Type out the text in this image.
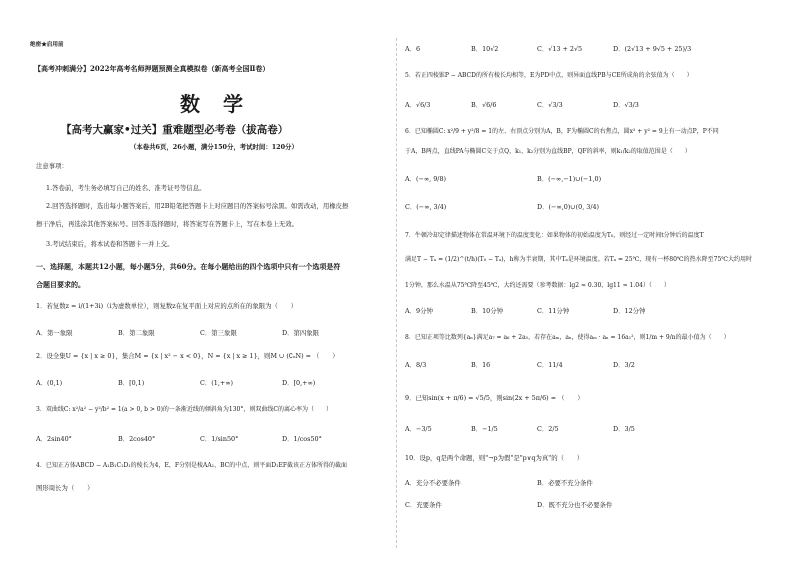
绝密★启用前
【高考冲刺满分】2022年高考名师押题预测全真模拟卷（新高考全国Ⅱ卷）
数 学
【高考大赢家•过关】重难题型必考卷（拔高卷）
（本卷共6页，26小题，满分150分，考试时间：120分）
注意事项：
1.答卷前，考生务必填写自己的姓名、准考证号等信息。
2.回答选择题时，选出每小题答案后，用2B铅笔把答题卡上对应题目的答案标号涂黑。如需改动，用橡皮擦
擦干净后，再选涂其他答案标号。回答非选择题时，将答案写在答题卡上，写在本卷上无效。
3.考试结束后，将本试卷和答题卡一并上交。
一、选择题，本题共12小题，每小题5分，共60分。在每小题给出的四个选项中只有一个选项是符
合题目要求的。
1．若复数z = i/(1+3i)（i为虚数单位），则复数z在复平面上对应的点所在的象限为（　　）
A．第一象限	B．第二象限	C．第三象限	D．第四象限
2．设全集U = {x | x ≥ 0}，集合M = {x | x² − x < 0}，N = {x | x ≥ 1}，则M ∪ (∁ᵤN) = （　　）
A．(0,1)	B．[0,1)	C．(1,+∞)	D．[0,+∞)
3．双曲线C: x²/a² − y²/b² = 1(a > 0, b > 0)的一条渐近线的倾斜角为130°，则双曲线C的离心率为（　　）
A．2sin40°	B．2cos40°	C．1/sin50°	D．1/cos50°
4．已知正方体ABCD − A₁B₁C₁D₁的棱长为4，E，F分别是棱AA₁，BC的中点，则平面D₁EF截该正方体所得的截面
图形周长为（　　）
A．6	B．10√2	C．√13 + 2√5	D．(2√13 + 9√5 + 25)/3
5．若正四棱锥P − ABCD的所有棱长均相等，E为PD中点，则异面直线PB与CE所成角的余弦值为（　　）
A．√6/3	B．√6/6	C．√3/3	D．√3/3
6．已知椭圆C: x²/9 + y²/8 = 1的左、右顶点分别为A，B，F为椭圆C的右焦点，圆x² + y² = 9上有一动点P，P不同
于A，B两点，直线PA与椭圆C交于点Q，k₁，k₂分别为直线BP，QF的斜率，则k₁/k₂的取值范围是（　　）
A．(−∞, 9/8)	B．(−∞,−1)∪(−1,0)
C．(−∞, 3/4)	D．(−∞,0)∪(0, 3/4)
7．牛顿冷却定律描述物体在常温环境下的温度变化：如果物体的初始温度为T₀，则经过一定时间t分钟后的温度T
满足T − Tₐ = (1/2)^(t/h)(T₀ − Tₐ)，h称为半衰期，其中Tₐ是环境温度。若Tₐ = 25℃，现有一杯80℃的热水降至75℃大约用时
1分钟，那么水温从75℃降至45℃，大约还需要（参考数据：lg2 ≈ 0.30，lg11 ≈ 1.04）（　　）
A．9分钟	B．10分钟	C．11分钟	D．12分钟
8．已知正项等比数列{aₙ}满足a₇ = a₆ + 2a₅，若存在aₘ，aₙ，使得aₘ · aₙ = 16a₁²，则1/m + 9/n的最小值为（　　）
A．8/3	B．16	C．11/4	D．3/2
9．已知sin(x + π/6) = √5/5，则sin(2x + 5π/6) = （　　）
A．−3/5	B．−1/5	C．2/5	D．3/5
10．设p，q是两个命题，则"¬p为假"是"p∨q为真"的（　　）
A．充分不必要条件	B．必要不充分条件
C．充要条件	D．既不充分也不必要条件
